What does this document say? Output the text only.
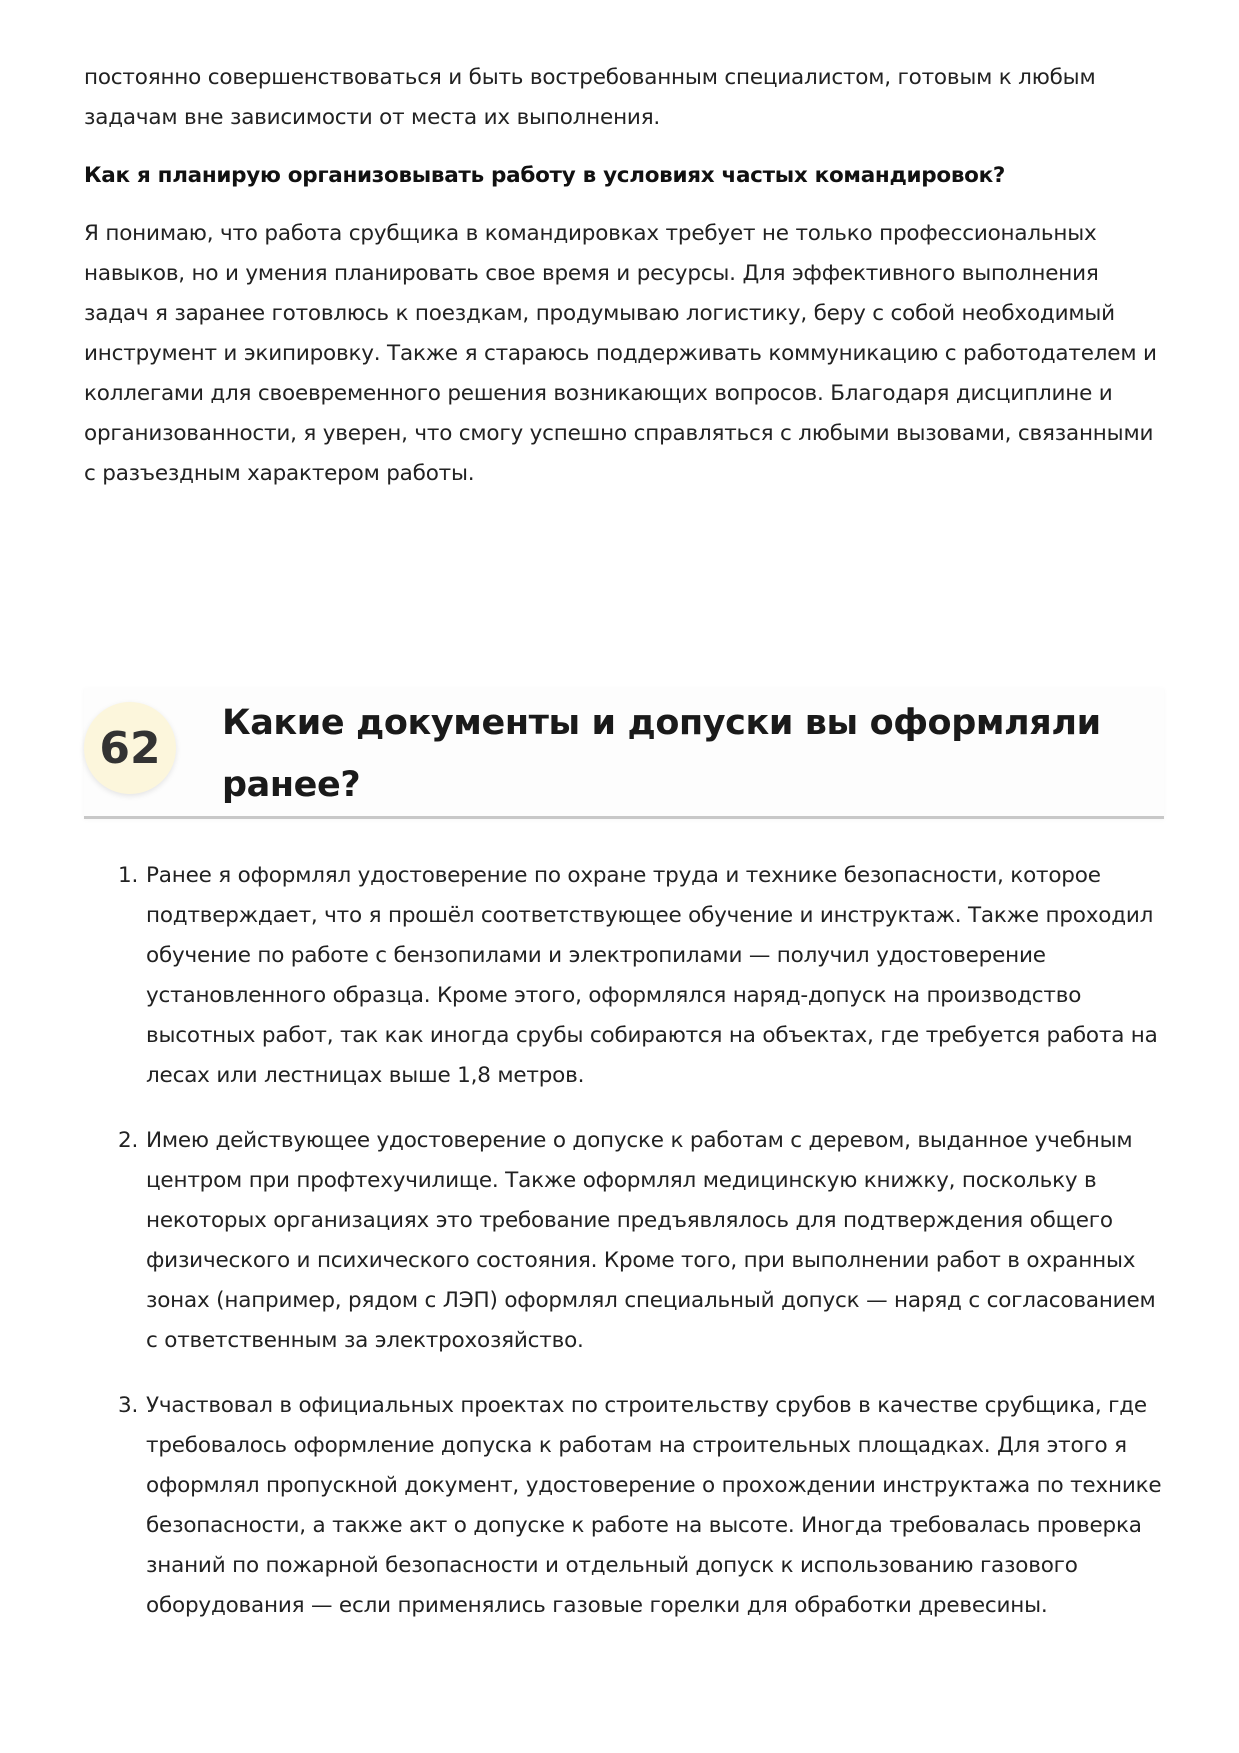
постоянно совершенствоваться и быть востребованным специалистом, готовым к любым задачам вне зависимости от места их выполнения.

Как я планирую организовывать работу в условиях частых командировок?

Я понимаю, что работа срубщика в командировках требует не только профессиональных навыков, но и умения планировать свое время и ресурсы. Для эффективного выполнения задач я заранее готовлюсь к поездкам, продумываю логистику, беру с собой необходимый инструмент и экипировку. Также я стараюсь поддерживать коммуникацию с работодателем и коллегами для своевременного решения возникающих вопросов. Благодаря дисциплине и организованности, я уверен, что смогу успешно справляться с любыми вызовами, связанными с разъездным характером работы.

62	Какие документы и допуски вы оформляли ранее?
1. Ранее я оформлял удостоверение по охране труда и технике безопасности, которое подтверждает, что я прошёл соответствующее обучение и инструктаж. Также проходил обучение по работе с бензопилами и электропилами — получил удостоверение установленного образца. Кроме этого, оформлялся наряд-допуск на производство высотных работ, так как иногда срубы собираются на объектах, где требуется работа на лесах или лестницах выше 1,8 метров.
2. Имею действующее удостоверение о допуске к работам с деревом, выданное учебным центром при профтехучилище. Также оформлял медицинскую книжку, поскольку в некоторых организациях это требование предъявлялось для подтверждения общего физического и психического состояния. Кроме того, при выполнении работ в охранных зонах (например, рядом с ЛЭП) оформлял специальный допуск — наряд с согласованием с ответственным за электрохозяйство.
3. Участвовал в официальных проектах по строительству срубов в качестве срубщика, где требовалось оформление допуска к работам на строительных площадках. Для этого я оформлял пропускной документ, удостоверение о прохождении инструктажа по технике безопасности, а также акт о допуске к работе на высоте. Иногда требовалась проверка знаний по пожарной безопасности и отдельный допуск к использованию газового оборудования — если применялись газовые горелки для обработки древесины.
